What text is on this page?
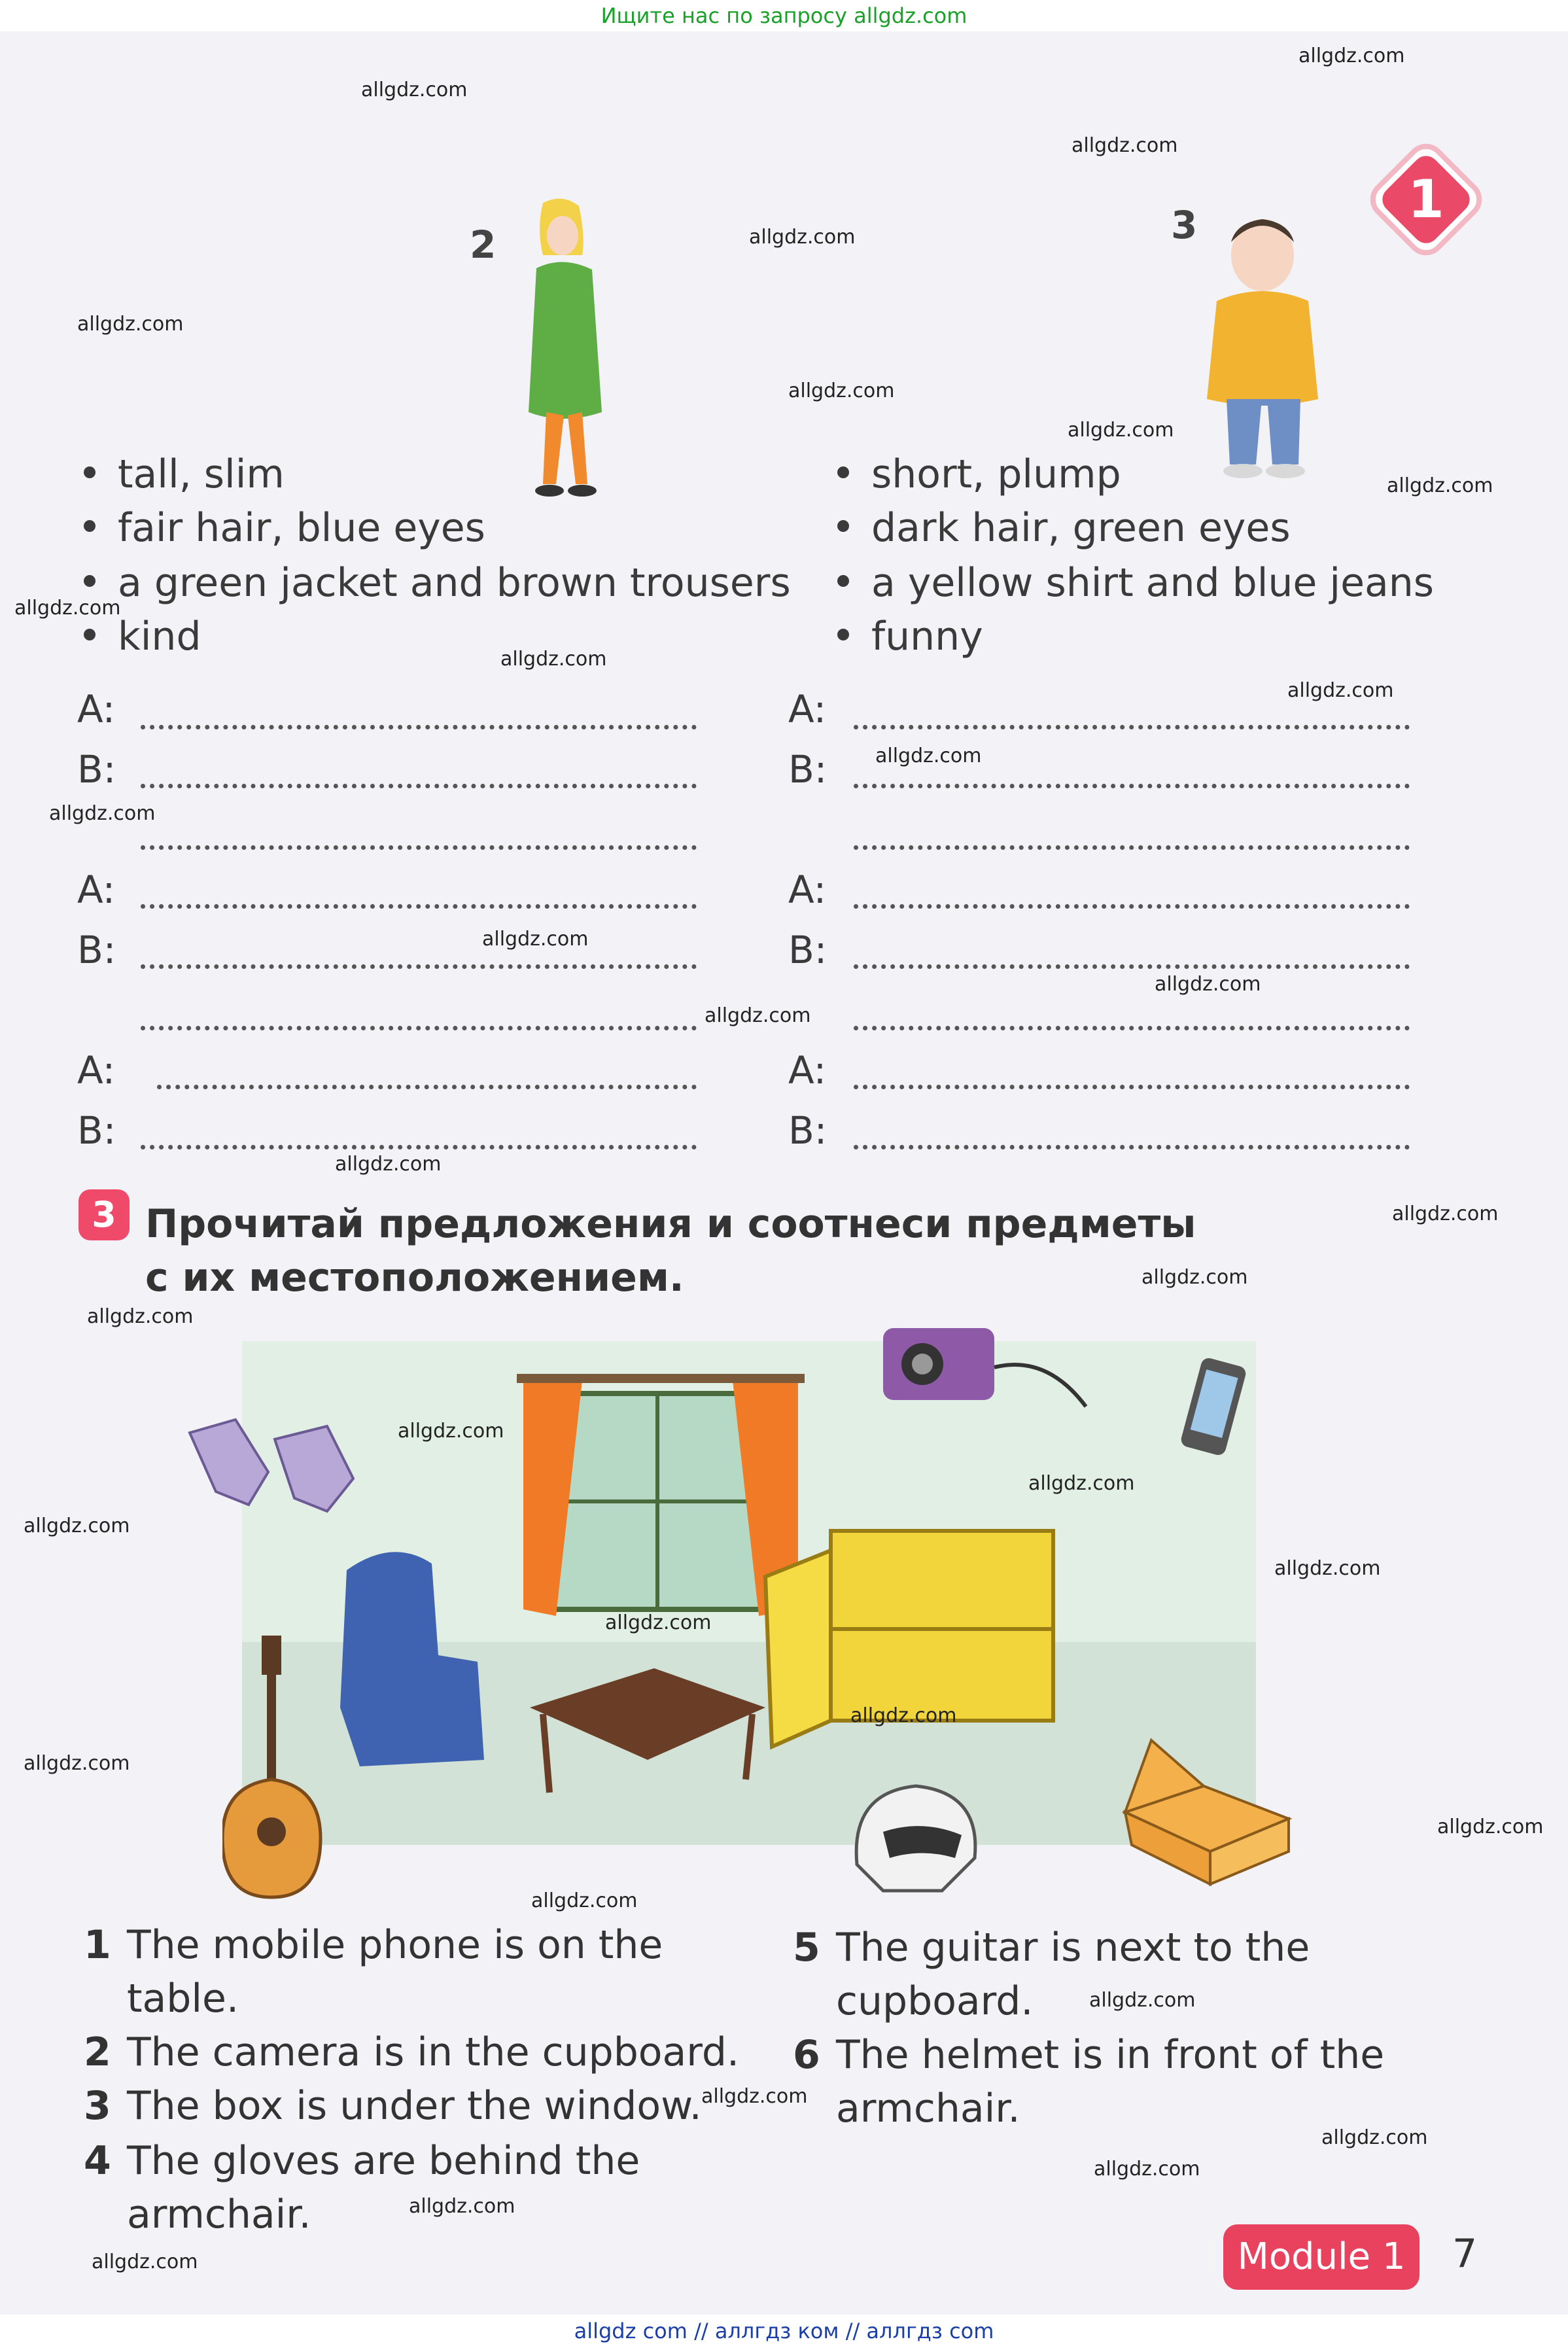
Ищите нас по запросу allgdz.com
allgdz com // аллгдз ком // аллгдз com
1
2	3
tall, slim
fair hair, blue eyes
a green jacket and brown trousers
kind
short, plump
dark hair, green eyes
a yellow shirt and blue jeans
funny
A:
B:
A:
B:
A:
B:
A:
B:
A:
B:
A:
B:
3 Прочитай предложения и соотнеси предметы
с их местоположением.
1 The mobile phone is on the
table.
2 The camera is in the cupboard.
3 The box is under the window.
4 The gloves are behind the
armchair.
5 The guitar is next to the
cupboard.
6 The helmet is in front of the
armchair.
Module 1	7
allgdz.com
allgdz.com
allgdz.com
allgdz.com
allgdz.com
allgdz.com
allgdz.com
allgdz.com
allgdz.com
allgdz.com
allgdz.com
allgdz.com
allgdz.com
allgdz.com
allgdz.com
allgdz.com
allgdz.com
allgdz.com
allgdz.com
allgdz.com
allgdz.com
allgdz.com
allgdz.com
allgdz.com
allgdz.com
allgdz.com
allgdz.com
allgdz.com
allgdz.com
allgdz.com
allgdz.com
allgdz.com
allgdz.com
allgdz.com
allgdz.com
